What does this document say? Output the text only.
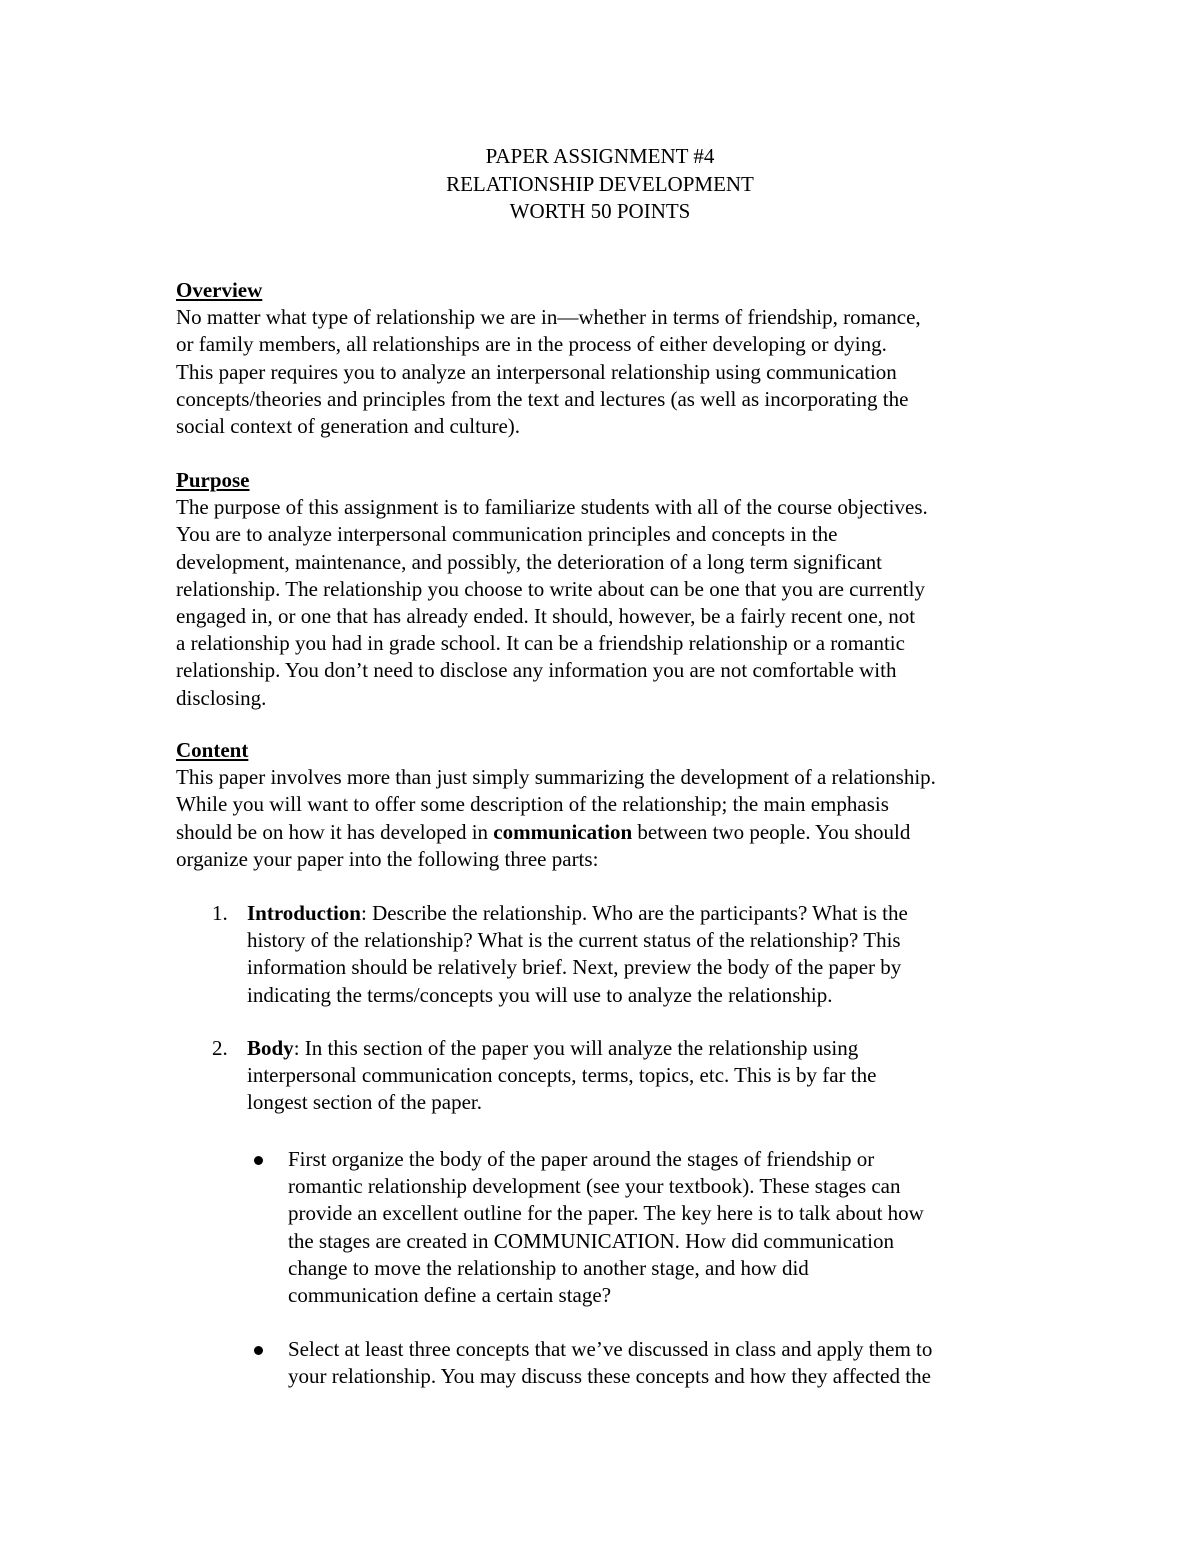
PAPER ASSIGNMENT #4
RELATIONSHIP DEVELOPMENT
WORTH 50 POINTS
Overview
No matter what type of relationship we are in—whether in terms of friendship, romance,
or family members, all relationships are in the process of either developing or dying.
This paper requires you to analyze an interpersonal relationship using communication
concepts/theories and principles from the text and lectures (as well as incorporating the
social context of generation and culture).
Purpose
The purpose of this assignment is to familiarize students with all of the course objectives.
You are to analyze interpersonal communication principles and concepts in the
development, maintenance, and possibly, the deterioration of a long term significant
relationship. The relationship you choose to write about can be one that you are currently
engaged in, or one that has already ended. It should, however, be a fairly recent one, not
a relationship you had in grade school. It can be a friendship relationship or a romantic
relationship. You don’t need to disclose any information you are not comfortable with
disclosing.
Content
This paper involves more than just simply summarizing the development of a relationship.
While you will want to offer some description of the relationship; the main emphasis
should be on how it has developed in communication between two people. You should
organize your paper into the following three parts:
1. Introduction: Describe the relationship. Who are the participants? What is the
history of the relationship? What is the current status of the relationship? This
information should be relatively brief. Next, preview the body of the paper by
indicating the terms/concepts you will use to analyze the relationship.
2. Body: In this section of the paper you will analyze the relationship using
interpersonal communication concepts, terms, topics, etc. This is by far the
longest section of the paper.
First organize the body of the paper around the stages of friendship or
romantic relationship development (see your textbook). These stages can
provide an excellent outline for the paper. The key here is to talk about how
the stages are created in COMMUNICATION. How did communication
change to move the relationship to another stage, and how did
communication define a certain stage?
Select at least three concepts that we’ve discussed in class and apply them to
your relationship. You may discuss these concepts and how they affected the
